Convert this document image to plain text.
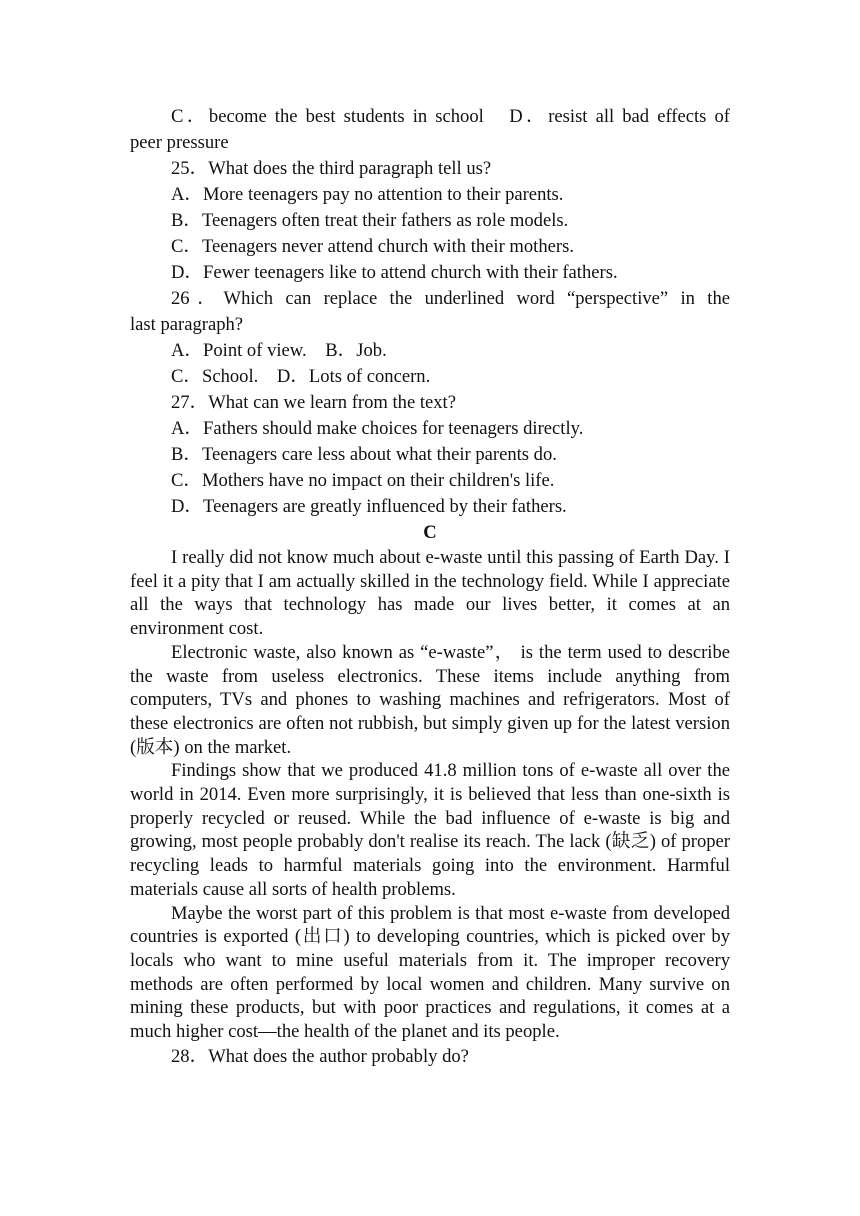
C．become the best students in school　D．resist all bad effects of
peer pressure
25．What does the third paragraph tell us?
A．More teenagers pay no attention to their parents.
B．Teenagers often treat their fathers as role models.
C．Teenagers never attend church with their mothers.
D．Fewer teenagers like to attend church with their fathers.
26．Which can replace the underlined word “perspective” in the
last paragraph?
A．Point of view.　B．Job.
C．School.　D．Lots of concern.
27．What can we learn from the text?
A．Fathers should make choices for teenagers directly.
B．Teenagers care less about what their parents do.
C．Mothers have no impact on their children's life.
D．Teenagers are greatly influenced by their fathers.
C

I really did not know much about e-waste until this passing of Earth Day. I feel it a pity that I am actually skilled in the technology field. While I appreciate all the ways that technology has made our lives better, it comes at an environment cost.

Electronic waste, also known as “e-waste”， is the term used to describe the waste from useless electronics. These items include anything from computers, TVs and phones to washing machines and refrigerators. Most of these electronics are often not rubbish, but simply given up for the latest version (版本) on the market.

Findings show that we produced 41.8 million tons of e-waste all over the world in 2014. Even more surprisingly, it is believed that less than one-sixth is properly recycled or reused. While the bad influence of e-waste is big and growing, most people probably don't realise its reach. The lack (缺乏) of proper recycling leads to harmful materials going into the environment. Harmful materials cause all sorts of health problems.

Maybe the worst part of this problem is that most e-waste from developed countries is exported (出口) to developing countries, which is picked over by locals who want to mine useful materials from it. The improper recovery methods are often performed by local women and children. Many survive on mining these products, but with poor practices and regulations, it comes at a much higher cost—the health of the planet and its people.

28．What does the author probably do?
